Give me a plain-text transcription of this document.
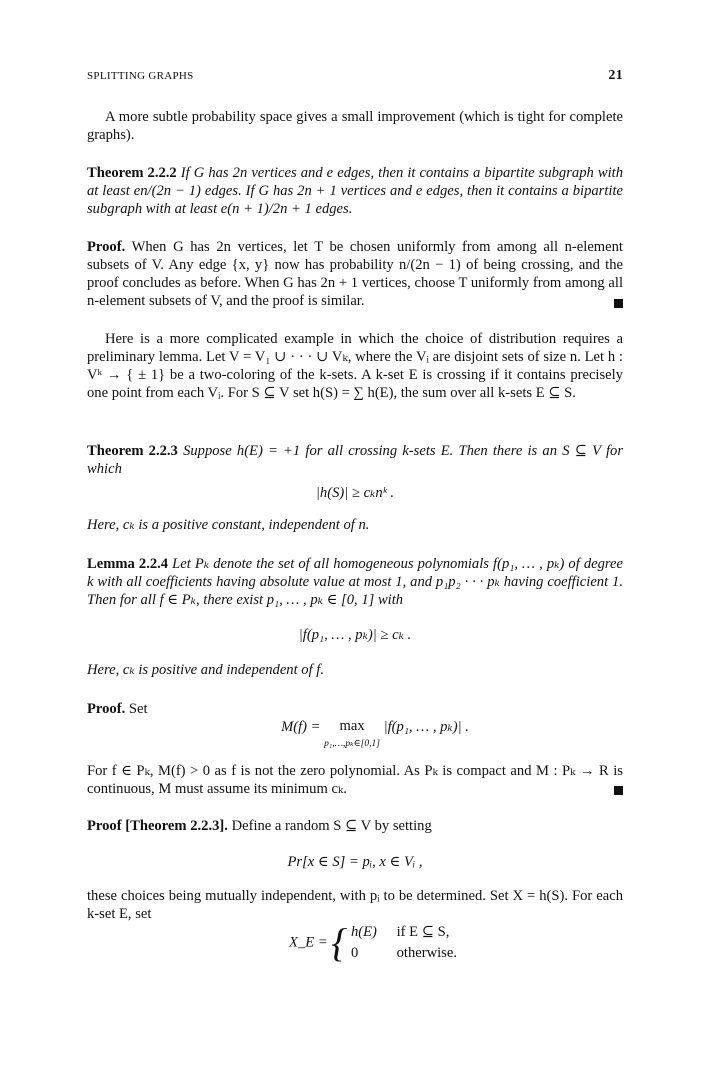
SPLITTING GRAPHS	21
A more subtle probability space gives a small improvement (which is tight for complete graphs).
Theorem 2.2.2 If G has 2n vertices and e edges, then it contains a bipartite subgraph with at least en/(2n − 1) edges. If G has 2n + 1 vertices and e edges, then it contains a bipartite subgraph with at least e(n + 1)/2n + 1 edges.
Proof. When G has 2n vertices, let T be chosen uniformly from among all n-element subsets of V. Any edge {x, y} now has probability n/(2n − 1) of being crossing, and the proof concludes as before. When G has 2n + 1 vertices, choose T uniformly from among all n-element subsets of V, and the proof is similar.
Here is a more complicated example in which the choice of distribution requires a preliminary lemma. Let V = V₁ ∪ · · · ∪ Vₖ, where the Vᵢ are disjoint sets of size n. Let h : Vᵏ → { ± 1} be a two-coloring of the k-sets. A k-set E is crossing if it contains precisely one point from each Vᵢ. For S ⊆ V set h(S) = ∑ h(E), the sum over all k-sets E ⊆ S.
Theorem 2.2.3 Suppose h(E) = +1 for all crossing k-sets E. Then there is an S ⊆ V for which
|h(S)| ≥ cₖnᵏ .
Here, cₖ is a positive constant, independent of n.
Lemma 2.2.4 Let Pₖ denote the set of all homogeneous polynomials f(p₁, … , pₖ) of degree k with all coefficients having absolute value at most 1, and p₁p₂ · · · pₖ having coefficient 1. Then for all f ∈ Pₖ, there exist p₁, … , pₖ ∈ [0, 1] with
|f(p₁, … , pₖ)| ≥ cₖ .
Here, cₖ is positive and independent of f.
Proof. Set
M(f) = max
p₁,…,pₖ∈[0,1] |f(p₁, … , pₖ)| .
For f ∈ Pₖ, M(f) > 0 as f is not the zero polynomial. As Pₖ is compact and M : Pₖ → R is continuous, M must assume its minimum cₖ.
Proof [Theorem 2.2.3]. Define a random S ⊆ V by setting
Pr[x ∈ S] = pᵢ, x ∈ Vᵢ ,
these choices being mutually independent, with pᵢ to be determined. Set X = h(S). For each k-set E, set
X_E = { h(E) if E ⊆ S,
0	otherwise.
